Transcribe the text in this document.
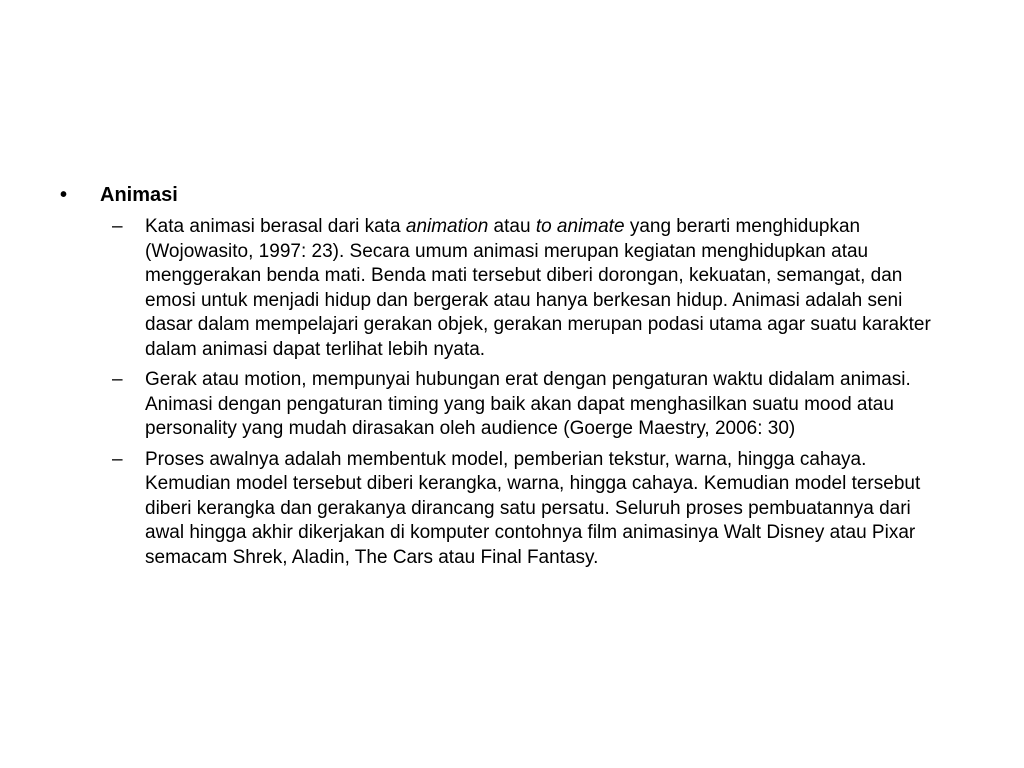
•	Animasi
– Kata animasi berasal dari kata animation atau to animate yang berarti menghidupkan (Wojowasito, 1997: 23). Secara umum animasi merupan kegiatan menghidupkan atau menggerakan benda mati. Benda mati tersebut diberi dorongan, kekuatan, semangat, dan emosi untuk menjadi hidup dan bergerak atau hanya berkesan hidup. Animasi adalah seni dasar dalam mempelajari gerakan objek, gerakan merupan podasi utama agar suatu karakter dalam animasi dapat terlihat lebih nyata.
– Gerak atau motion, mempunyai hubungan erat dengan pengaturan waktu didalam animasi. Animasi dengan pengaturan timing yang baik akan dapat menghasilkan suatu mood atau personality yang mudah dirasakan oleh audience (Goerge Maestry, 2006: 30)
– Proses awalnya adalah membentuk model, pemberian tekstur, warna, hingga cahaya. Kemudian model tersebut diberi kerangka, warna, hingga cahaya. Kemudian model tersebut diberi kerangka dan gerakanya dirancang satu persatu. Seluruh proses pembuatannya dari awal hingga akhir dikerjakan di komputer contohnya film animasinya Walt Disney atau Pixar semacam Shrek, Aladin, The Cars atau Final Fantasy.
